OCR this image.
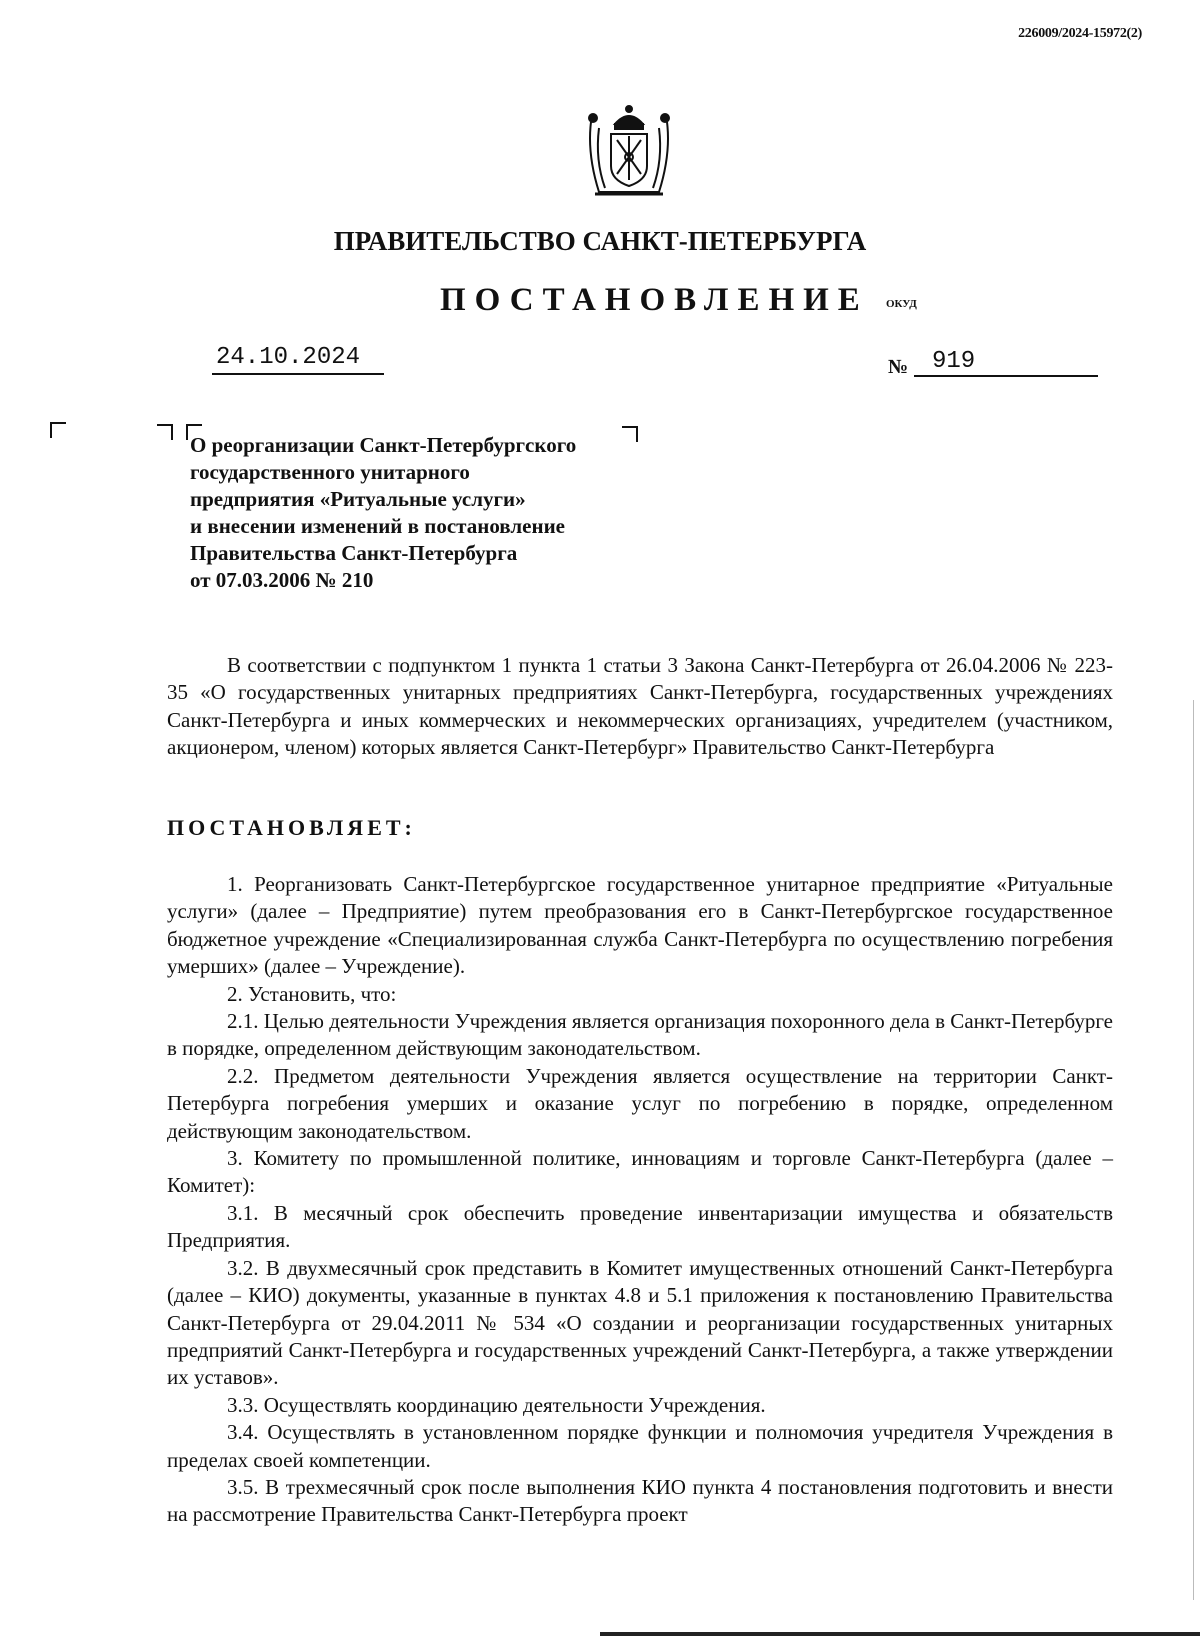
226009/2024-15972(2)
ПРАВИТЕЛЬСТВО САНКТ-ПЕТЕРБУРГА
ПОСТАНОВЛЕНИЕ ОКУД
24.10.2024	№ 919
О реорганизации Санкт-Петербургского
государственного унитарного
предприятия «Ритуальные услуги»
и внесении изменений в постановление
Правительства Санкт-Петербурга
от 07.03.2006 № 210

В соответствии с подпунктом 1 пункта 1 статьи 3 Закона Санкт-Петербурга от 26.04.2006 № 223-35 «О государственных унитарных предприятиях Санкт-Петербурга, государственных учреждениях Санкт-Петербурга и иных коммерческих и некоммерческих организациях, учредителем (участником, акционером, членом) которых является Санкт-Петербург» Правительство Санкт-Петербурга

ПОСТАНОВЛЯЕТ:

1. Реорганизовать Санкт-Петербургское государственное унитарное предприятие «Ритуальные услуги» (далее – Предприятие) путем преобразования его в Санкт-Петербургское государственное бюджетное учреждение «Специализированная служба Санкт-Петербурга по осуществлению погребения умерших» (далее – Учреждение).

2. Установить, что:

2.1. Целью деятельности Учреждения является организация похоронного дела в Санкт-Петербурге в порядке, определенном действующим законодательством.

2.2. Предметом деятельности Учреждения является осуществление на территории Санкт-Петербурга погребения умерших и оказание услуг по погребению в порядке, определенном действующим законодательством.

3. Комитету по промышленной политике, инновациям и торговле Санкт-Петербурга (далее – Комитет):

3.1. В месячный срок обеспечить проведение инвентаризации имущества и обязательств Предприятия.

3.2. В двухмесячный срок представить в Комитет имущественных отношений Санкт-Петербурга (далее – КИО) документы, указанные в пунктах 4.8 и 5.1 приложения к постановлению Правительства Санкт-Петербурга от 29.04.2011 № 534 «О создании и реорганизации государственных унитарных предприятий Санкт-Петербурга и государственных учреждений Санкт-Петербурга, а также утверждении их уставов».

3.3. Осуществлять координацию деятельности Учреждения.

3.4. Осуществлять в установленном порядке функции и полномочия учредителя Учреждения в пределах своей компетенции.

3.5. В трехмесячный срок после выполнения КИО пункта 4 постановления подготовить и внести на рассмотрение Правительства Санкт-Петербурга проект
